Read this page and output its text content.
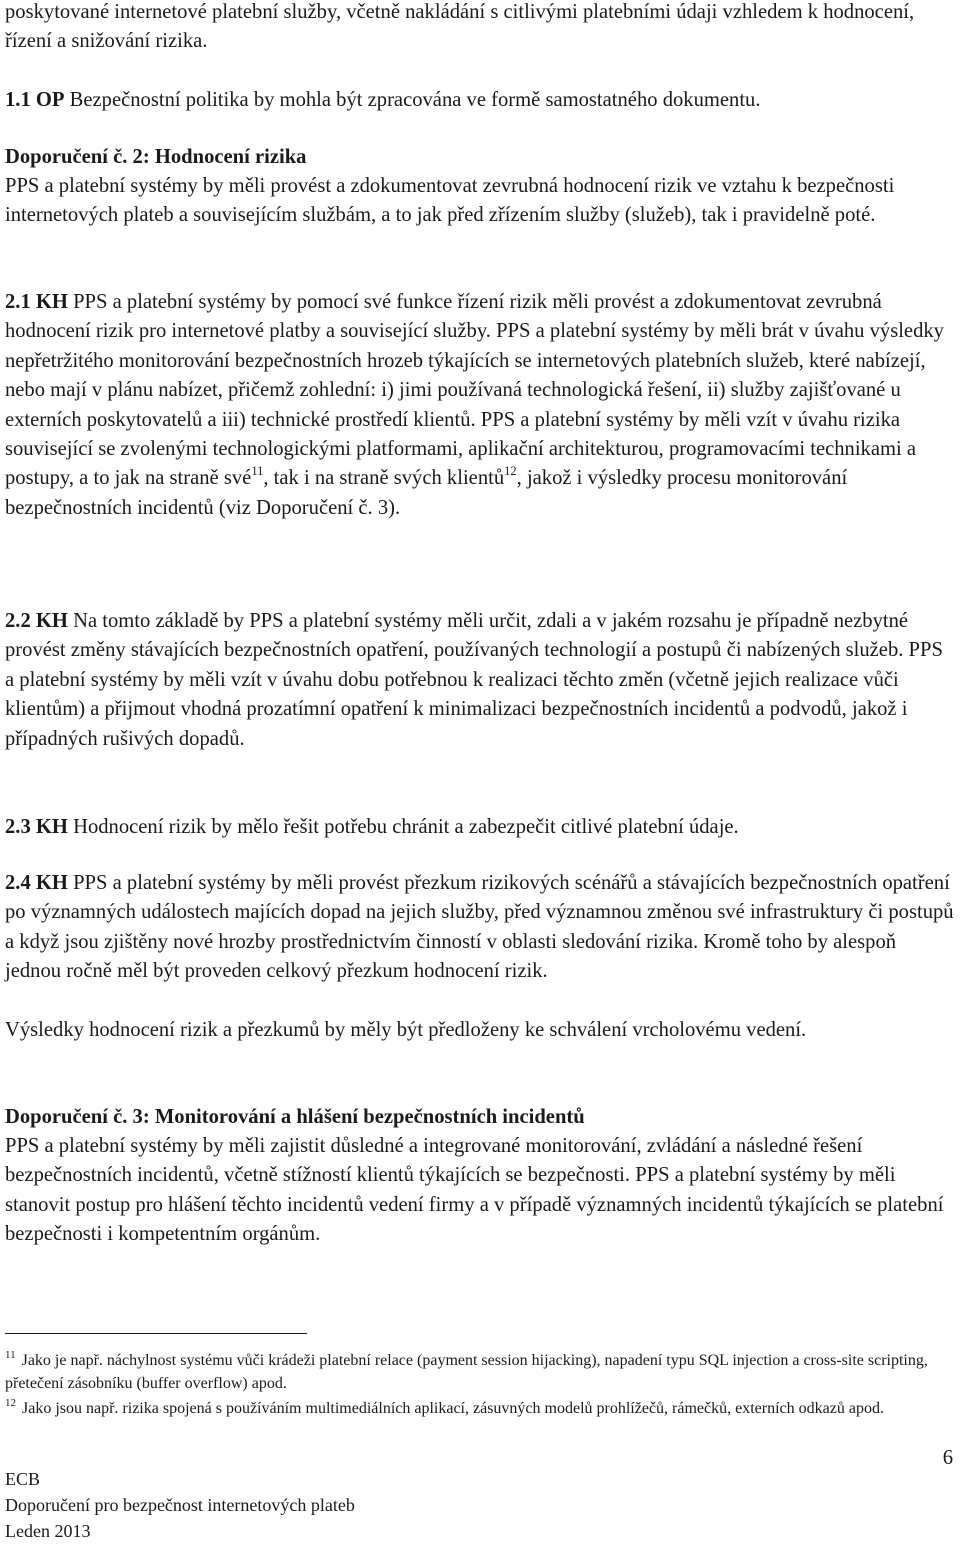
poskytované internetové platební služby, včetně nakládání s citlivými platebními údaji vzhledem k hodnocení, řízení a snižování rizika.

1.1 OP Bezpečnostní politika by mohla být zpracována ve formě samostatného dokumentu.

Doporučení č. 2: Hodnocení rizika

PPS a platební systémy by měli provést a zdokumentovat zevrubná hodnocení rizik ve vztahu k bezpečnosti internetových plateb a souvisejícím službám, a to jak před zřízením služby (služeb), tak i pravidelně poté.

2.1 KH PPS a platební systémy by pomocí své funkce řízení rizik měli provést a zdokumentovat zevrubná hodnocení rizik pro internetové platby a související služby. PPS a platební systémy by měli brát v úvahu výsledky nepřetržitého monitorování bezpečnostních hrozeb týkajících se internetových platebních služeb, které nabízejí, nebo mají v plánu nabízet, přičemž zohlední: i) jimi používaná technologická řešení, ii) služby zajišťované u externích poskytovatelů a iii) technické prostředí klientů. PPS a platební systémy by měli vzít v úvahu rizika související se zvolenými technologickými platformami, aplikační architekturou, programovacími technikami a postupy, a to jak na straně své$^{11}$, tak i na straně svých klientů$^{12}$, jakož i výsledky procesu monitorování bezpečnostních incidentů (viz Doporučení č. 3).

2.2 KH Na tomto základě by PPS a platební systémy měli určit, zdali a v jakém rozsahu je případně nezbytné provést změny stávajících bezpečnostních opatření, používaných technologií a postupů či nabízených služeb. PPS a platební systémy by měli vzít v úvahu dobu potřebnou k realizaci těchto změn (včetně jejich realizace vůči klientům) a přijmout vhodná prozatímní opatření k minimalizaci bezpečnostních incidentů a podvodů, jakož i případných rušivých dopadů.

2.3 KH Hodnocení rizik by mělo řešit potřebu chránit a zabezpečit citlivé platební údaje.

2.4 KH PPS a platební systémy by měli provést přezkum rizikových scénářů a stávajících bezpečnostních opatření po významných událostech majících dopad na jejich služby, před významnou změnou své infrastruktury či postupů a když jsou zjištěny nové hrozby prostřednictvím činností v oblasti sledování rizika. Kromě toho by alespoň jednou ročně měl být proveden celkový přezkum hodnocení rizik.

Výsledky hodnocení rizik a přezkumů by měly být předloženy ke schválení vrcholovému vedení.

Doporučení č. 3: Monitorování a hlášení bezpečnostních incidentů

PPS a platební systémy by měli zajistit důsledné a integrované monitorování, zvládání a následné řešení bezpečnostních incidentů, včetně stížností klientů týkajících se bezpečnosti. PPS a platební systémy by měli stanovit postup pro hlášení těchto incidentů vedení firmy a v případě významných incidentů týkajících se platební bezpečnosti i kompetentním orgánům.

$^{11}$ Jako je např. náchylnost systému vůči krádeži platební relace (payment session hijacking), napadení typu SQL injection a cross-site scripting, přetečení zásobníku (buffer overflow) apod.

$^{12}$ Jako jsou např. rizika spojená s používáním multimediálních aplikací, zásuvných modelů prohlížečů, rámečků, externích odkazů apod.

6
ECB
Doporučení pro bezpečnost internetových plateb
Leden 2013
